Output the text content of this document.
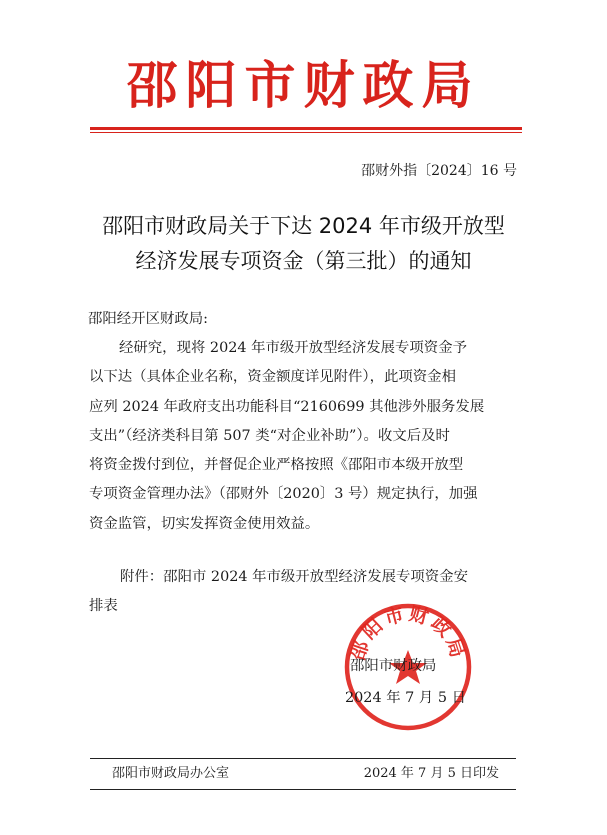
邵阳市财政局
邵财外指〔2024〕16 号
邵阳市财政局关于下达 2024 年市级开放型
经济发展专项资金（第三批）的通知
邵阳经开区财政局:
经研究，现将 2024 年市级开放型经济发展专项资金予
以下达（具体企业名称，资金额度详见附件），此项资金相
应列 2024 年政府支出功能科目“2160699 其他涉外服务发展
支出”（经济类科目第 507 类“对企业补助”）。收文后及时
将资金拨付到位，并督促企业严格按照《邵阳市本级开放型
专项资金管理办法》（邵财外〔2020〕3 号）规定执行，加强
资金监管，切实发挥资金使用效益。
附件：邵阳市 2024 年市级开放型经济发展专项资金安
排表
邵阳市财政局
邵阳市财政局
2024 年 7 月 5 日
邵阳市财政局办公室	2024 年 7 月 5 日印发
